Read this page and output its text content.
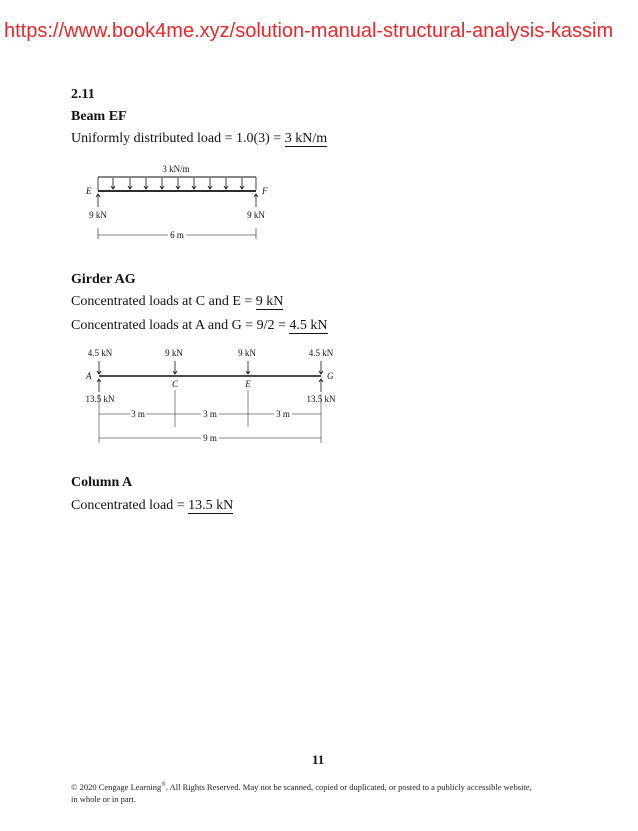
https://www.book4me.xyz/solution-manual-structural-analysis-kassim
2.11
Beam EF
Uniformly distributed load = 1.0(3) = 3 kN/m
3 kN/m
E	F
9 kN	9 kN
6 m
4.5 kN	9 kN	9 kN	4.5 kN
A	G
C	E
13.5 kN	13.5 kN
3 m	3 m	3 m
9 m
Girder AG
Concentrated loads at C and E = 9 kN
Concentrated loads at A and G = 9/2 = 4.5 kN
Column A
Concentrated load = 13.5 kN
11
© 2020 Cengage Learning®. All Rights Reserved. May not be scanned, copied or duplicated, or posted to a publicly accessible website,
in whole or in part.
